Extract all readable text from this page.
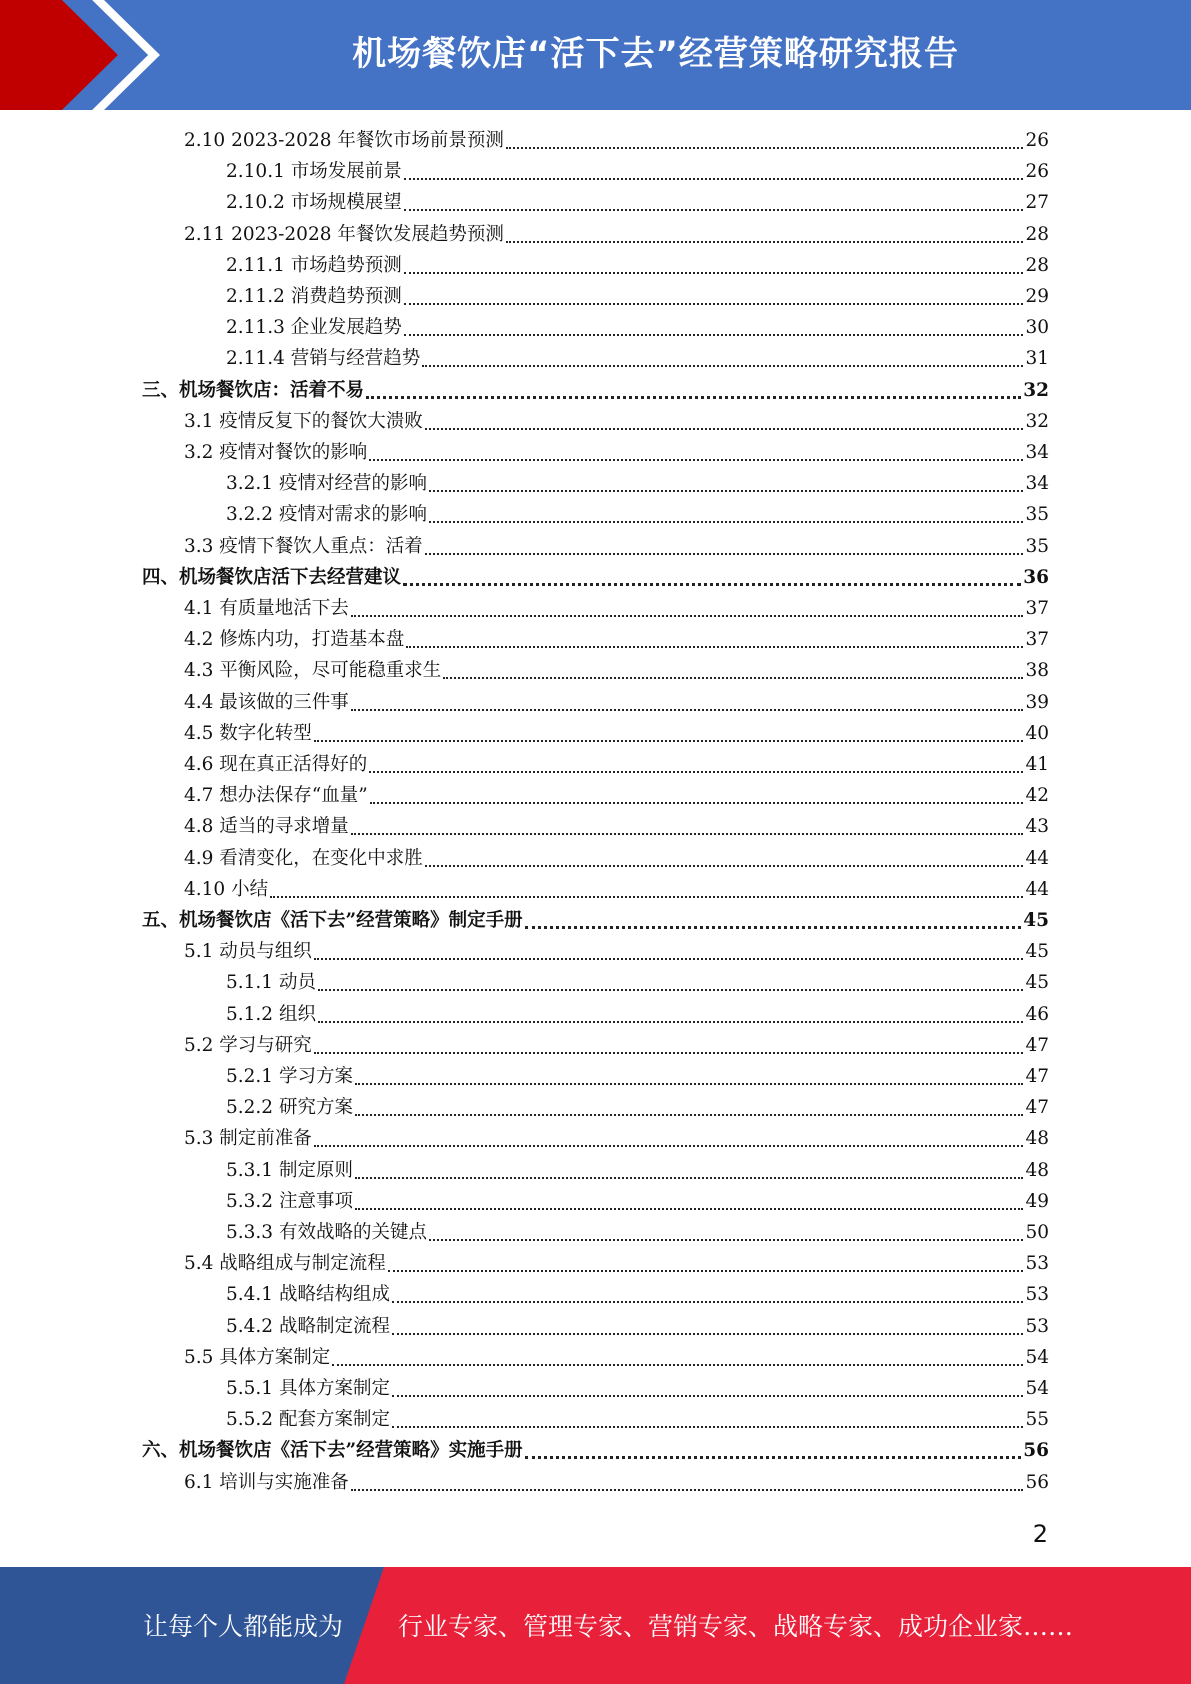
机场餐饮店“活下去”经营策略研究报告
2.10 2023-2028 年餐饮市场前景预测	26
2.10.1 市场发展前景	26
2.10.2 市场规模展望	27
2.11 2023-2028 年餐饮发展趋势预测	28
2.11.1 市场趋势预测	28
2.11.2 消费趋势预测	29
2.11.3 企业发展趋势	30
2.11.4 营销与经营趋势	31
三、机场餐饮店：活着不易	32
3.1 疫情反复下的餐饮大溃败	32
3.2 疫情对餐饮的影响	34
3.2.1 疫情对经营的影响	34
3.2.2 疫情对需求的影响	35
3.3 疫情下餐饮人重点：活着	35
四、机场餐饮店活下去经营建议	36
4.1 有质量地活下去	37
4.2 修炼内功，打造基本盘	37
4.3 平衡风险，尽可能稳重求生	38
4.4 最该做的三件事	39
4.5 数字化转型	40
4.6 现在真正活得好的	41
4.7 想办法保存“血量”	42
4.8 适当的寻求增量	43
4.9 看清变化，在变化中求胜	44
4.10 小结	44
五、机场餐饮店《活下去”经营策略》制定手册	45
5.1 动员与组织	45
5.1.1 动员	45
5.1.2 组织	46
5.2 学习与研究	47
5.2.1 学习方案	47
5.2.2 研究方案	47
5.3 制定前准备	48
5.3.1 制定原则	48
5.3.2 注意事项	49
5.3.3 有效战略的关键点	50
5.4 战略组成与制定流程	53
5.4.1 战略结构组成	53
5.4.2 战略制定流程	53
5.5 具体方案制定	54
5.5.1 具体方案制定	54
5.5.2 配套方案制定	55
六、机场餐饮店《活下去”经营策略》实施手册	56
6.1 培训与实施准备	56
2
让每个人都能成为 行业专家、管理专家、营销专家、战略专家、成功企业家……
